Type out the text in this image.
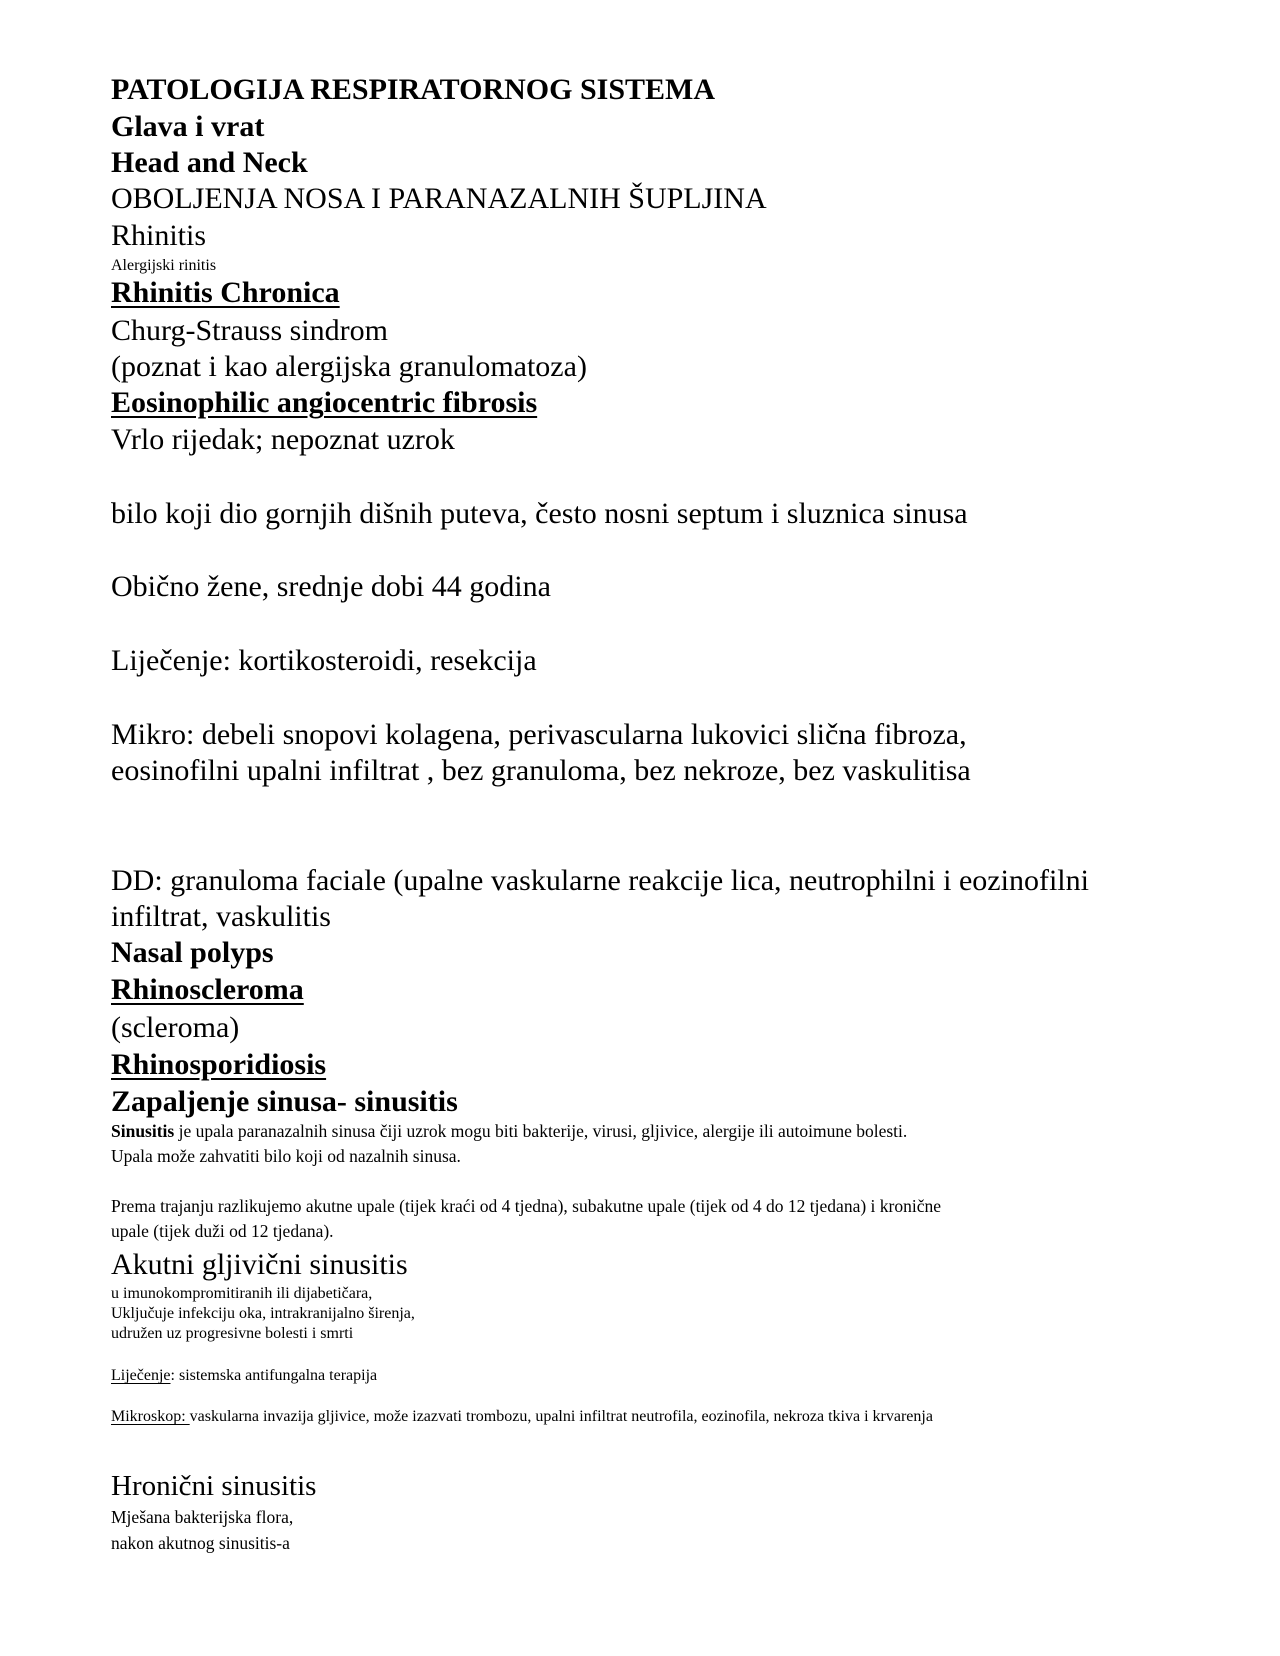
PATOLOGIJA RESPIRATORNOG SISTEMA
Glava i vrat
Head and Neck
OBOLJENJA NOSA I PARANAZALNIH ŠUPLJINA
Rhinitis
Alergijski rinitis
Rhinitis Chronica
Churg-Strauss sindrom
(poznat i kao alergijska granulomatoza)
Eosinophilic angiocentric fibrosis
Vrlo rijedak; nepoznat uzrok
bilo koji dio gornjih dišnih puteva, često nosni septum i sluznica sinusa
Obično žene, srednje dobi 44 godina
Liječenje: kortikosteroidi, resekcija
Mikro: debeli snopovi kolagena, perivascularna lukovici slična fibroza,
eosinofilni upalni infiltrat , bez granuloma, bez nekroze, bez vaskulitisa
DD: granuloma faciale (upalne vaskularne reakcije lica, neutrophilni i eozinofilni
infiltrat, vaskulitis
Nasal polyps
Rhinoscleroma
(scleroma)
Rhinosporidiosis
Zapaljenje sinusa- sinusitis
Sinusitis je upala paranazalnih sinusa čiji uzrok mogu biti bakterije, virusi, gljivice, alergije ili autoimune bolesti.
Upala može zahvatiti bilo koji od nazalnih sinusa.
Prema trajanju razlikujemo akutne upale (tijek kraći od 4 tjedna), subakutne upale (tijek od 4 do 12 tjedana) i kronične
upale (tijek duži od 12 tjedana).
Akutni gljivični sinusitis
u imunokompromitiranih ili dijabetičara,
Uključuje infekciju oka, intrakranijalno širenja,
udružen uz progresivne bolesti i smrti
Liječenje: sistemska antifungalna terapija
Mikroskop: vaskularna invazija gljivice, može izazvati trombozu, upalni infiltrat neutrofila, eozinofila, nekroza tkiva i krvarenja
Hronični sinusitis
Mješana bakterijska flora,
nakon akutnog sinusitis-a
